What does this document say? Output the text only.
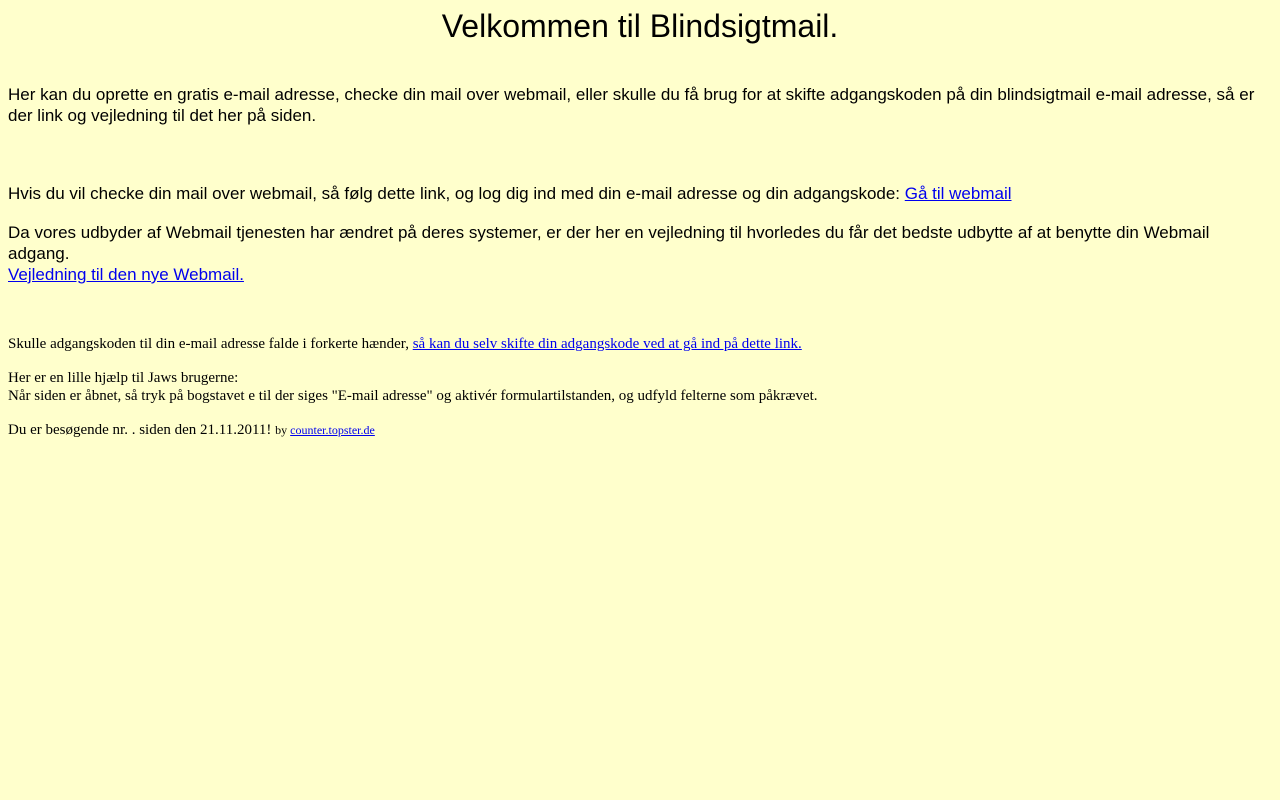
Velkommen til Blindsigtmail.

Her kan du oprette en gratis e-mail adresse, checke din mail over webmail, eller skulle du få brug for at skifte adgangskoden på din blindsigtmail e-mail adresse, så er der link og vejledning til det her på siden.

Hvis du vil checke din mail over webmail, så følg dette link, og log dig ind med din e-mail adresse og din adgangskode: Gå til webmail

Da vores udbyder af Webmail tjenesten har ændret på deres systemer, er der her en vejledning til hvorledes du får det bedste udbytte af at benytte din Webmail adgang.

Vejledning til den nye Webmail.

Skulle adgangskoden til din e-mail adresse falde i forkerte hænder, så kan du selv skifte din adgangskode ved at gå ind på dette link.

Her er en lille hjælp til Jaws brugerne:

Når siden er åbnet, så tryk på bogstavet e til der siges "E-mail adresse" og aktivér formulartilstanden, og udfyld felterne som påkrævet.

Du er besøgende nr. . siden den 21.11.2011! by counter.topster.de
